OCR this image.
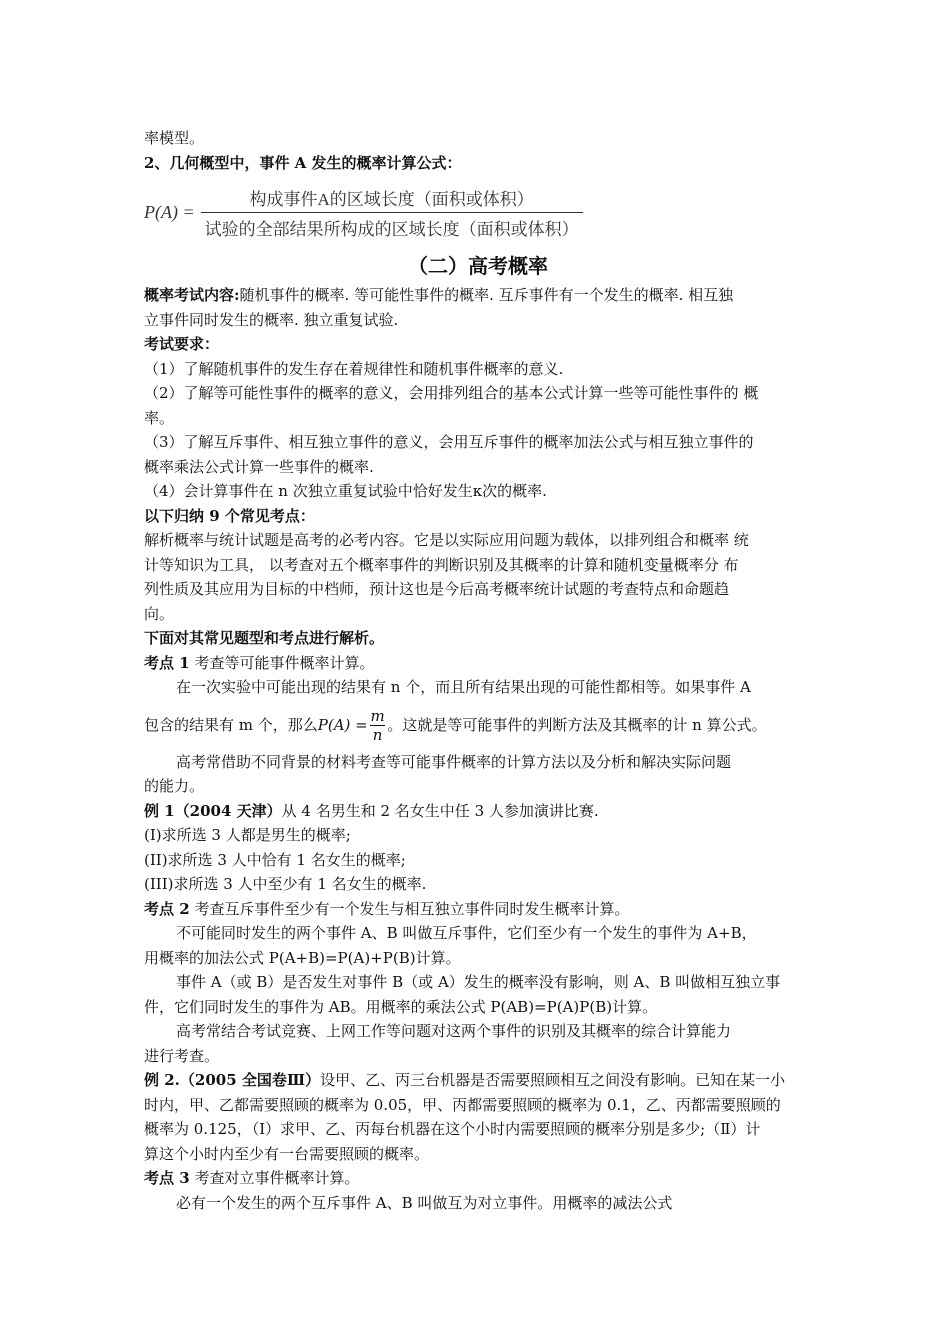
率模型。

2、几何概型中，事件 A 发生的概率计算公式：

$P(A) = \frac{\text{构成事件A的区域长度（面积或体积）}}{\text{试验的全部结果所构成的区域长度（面积或体积）}}$

（二）高考概率

概率考试内容:随机事件的概率. 等可能性事件的概率. 互斥事件有一个发生的概率. 相互独

立事件同时发生的概率. 独立重复试验.

考试要求：

（1）了解随机事件的发生存在着规律性和随机事件概率的意义.

（2）了解等可能性事件的概率的意义，会用排列组合的基本公式计算一些等可能性事件的 概

率。

（3）了解互斥事件、相互独立事件的意义，会用互斥事件的概率加法公式与相互独立事件的

概率乘法公式计算一些事件的概率.

（4）会计算事件在 n 次独立重复试验中恰好发生κ次的概率.

以下归纳 9 个常见考点：

解析概率与统计试题是高考的必考内容。它是以实际应用问题为载体，以排列组合和概率 统

计等知识为工具， 以考查对五个概率事件的判断识别及其概率的计算和随机变量概率分 布

列性质及其应用为目标的中档师，预计这也是今后高考概率统计试题的考查特点和命题趋

向。

下面对其常见题型和考点进行解析。

考点 1 考查等可能事件概率计算。

在一次实验中可能出现的结果有 n 个，而且所有结果出现的可能性都相等。如果事件 A

包含的结果有 m 个，那么$P(A) = \frac{m}{n}$ 。这就是等可能事件的判断方法及其概率的计 n 算公式。

高考常借助不同背景的材料考查等可能事件概率的计算方法以及分析和解决实际问题

的能力。

例 1（2004 天津）从 4 名男生和 2 名女生中任 3 人参加演讲比赛.

(I)求所选 3 人都是男生的概率;

(II)求所选 3 人中恰有 1 名女生的概率;

(III)求所选 3 人中至少有 1 名女生的概率.

考点 2 考查互斥事件至少有一个发生与相互独立事件同时发生概率计算。

不可能同时发生的两个事件 A、B 叫做互斥事件，它们至少有一个发生的事件为 A+B，

用概率的加法公式 P(A+B)=P(A)+P(B)计算。

事件 A（或 B）是否发生对事件 B（或 A）发生的概率没有影响，则 A、B 叫做相互独立事

件，它们同时发生的事件为 AB。用概率的乘法公式 P(AB)=P(A)P(B)计算。

高考常结合考试竞赛、上网工作等问题对这两个事件的识别及其概率的综合计算能力

进行考查。

例 2.（2005 全国卷Ⅲ）设甲、乙、丙三台机器是否需要照顾相互之间没有影响。已知在某一小

时内，甲、乙都需要照顾的概率为 0.05，甲、丙都需要照顾的概率为 0.1，乙、丙都需要照顾的

概率为 0.125，（Ⅰ）求甲、乙、丙每台机器在这个小时内需要照顾的概率分别是多少;（Ⅱ）计

算这个小时内至少有一台需要照顾的概率。

考点 3 考查对立事件概率计算。

必有一个发生的两个互斥事件 A、B 叫做互为对立事件。用概率的减法公式
